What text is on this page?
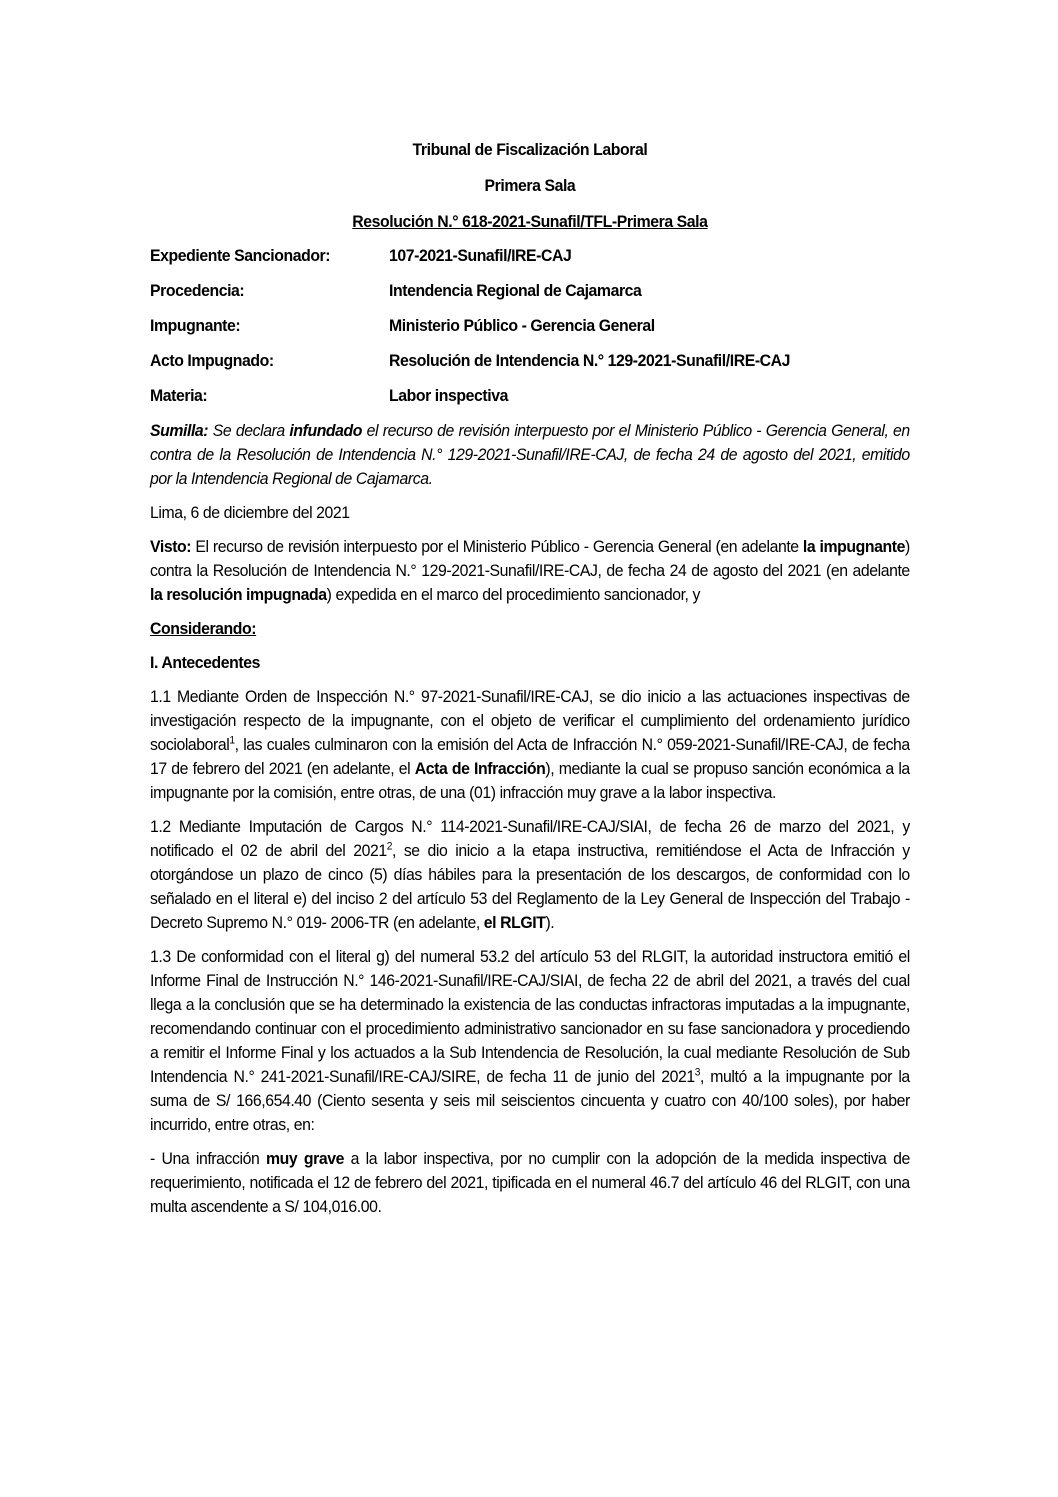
Tribunal de Fiscalización Laboral
Primera Sala
Resolución N.° 618-2021-Sunafil/TFL-Primera Sala
Expediente Sancionador:	107-2021-Sunafil/IRE-CAJ
Procedencia:	Intendencia Regional de Cajamarca
Impugnante:	Ministerio Público - Gerencia General
Acto Impugnado:	Resolución de Intendencia N.° 129-2021-Sunafil/IRE-CAJ
Materia:	Labor inspectiva

Sumilla: Se declara infundado el recurso de revisión interpuesto por el Ministerio Público - Gerencia General, en contra de la Resolución de Intendencia N.° 129-2021-Sunafil/IRE-CAJ, de fecha 24 de agosto del 2021, emitido por la Intendencia Regional de Cajamarca.

Lima, 6 de diciembre del 2021

Visto: El recurso de revisión interpuesto por el Ministerio Público - Gerencia General (en adelante la impugnante) contra la Resolución de Intendencia N.° 129-2021-Sunafil/IRE-CAJ, de fecha 24 de agosto del 2021 (en adelante la resolución impugnada) expedida en el marco del procedimiento sancionador, y

Considerando:
I. Antecedentes

1.1 Mediante Orden de Inspección N.° 97-2021-Sunafil/IRE-CAJ, se dio inicio a las actuaciones inspectivas de investigación respecto de la impugnante, con el objeto de verificar el cumplimiento del ordenamiento jurídico sociolaboral$^1$, las cuales culminaron con la emisión del Acta de Infracción N.° 059-2021-Sunafil/IRE-CAJ, de fecha 17 de febrero del 2021 (en adelante, el Acta de Infracción), mediante la cual se propuso sanción económica a la impugnante por la comisión, entre otras, de una (01) infracción muy grave a la labor inspectiva.

1.2 Mediante Imputación de Cargos N.° 114-2021-Sunafil/IRE-CAJ/SIAI, de fecha 26 de marzo del 2021, y notificado el 02 de abril del 2021$^2$, se dio inicio a la etapa instructiva, remitiéndose el Acta de Infracción y otorgándose un plazo de cinco (5) días hábiles para la presentación de los descargos, de conformidad con lo señalado en el literal e) del inciso 2 del artículo 53 del Reglamento de la Ley General de Inspección del Trabajo - Decreto Supremo N.° 019- 2006-TR (en adelante, el RLGIT).

1.3 De conformidad con el literal g) del numeral 53.2 del artículo 53 del RLGIT, la autoridad instructora emitió el Informe Final de Instrucción N.° 146-2021-Sunafil/IRE-CAJ/SIAI, de fecha 22 de abril del 2021, a través del cual llega a la conclusión que se ha determinado la existencia de las conductas infractoras imputadas a la impugnante, recomendando continuar con el procedimiento administrativo sancionador en su fase sancionadora y procediendo a remitir el Informe Final y los actuados a la Sub Intendencia de Resolución, la cual mediante Resolución de Sub Intendencia N.° 241-2021-Sunafil/IRE-CAJ/SIRE, de fecha 11 de junio del 2021$^3$, multó a la impugnante por la suma de S/ 166,654.40 (Ciento sesenta y seis mil seiscientos cincuenta y cuatro con 40/100 soles), por haber incurrido, entre otras, en:

- Una infracción muy grave a la labor inspectiva, por no cumplir con la adopción de la medida inspectiva de requerimiento, notificada el 12 de febrero del 2021, tipificada en el numeral 46.7 del artículo 46 del RLGIT, con una multa ascendente a S/ 104,016.00.
